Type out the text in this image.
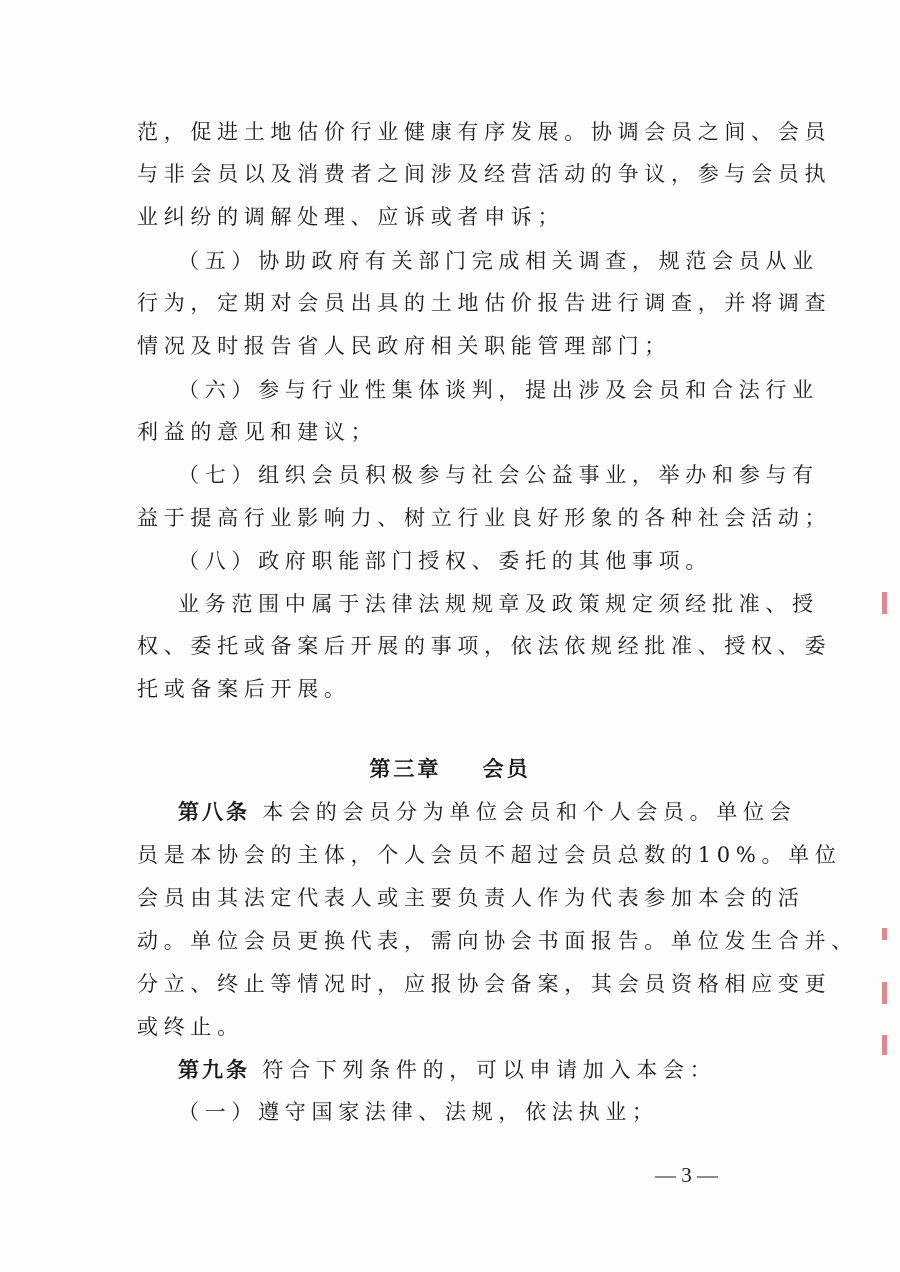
范，促进土地估价行业健康有序发展。协调会员之间、会员
与非会员以及消费者之间涉及经营活动的争议，参与会员执
业纠纷的调解处理、应诉或者申诉；
（五）协助政府有关部门完成相关调查，规范会员从业
行为，定期对会员出具的土地估价报告进行调查，并将调查
情况及时报告省人民政府相关职能管理部门；
（六）参与行业性集体谈判，提出涉及会员和合法行业
利益的意见和建议；
（七）组织会员积极参与社会公益事业，举办和参与有
益于提高行业影响力、树立行业良好形象的各种社会活动；
（八）政府职能部门授权、委托的其他事项。
业务范围中属于法律法规规章及政策规定须经批准、授
权、委托或备案后开展的事项，依法依规经批准、授权、委
托或备案后开展。
第三章    会员
第八条 本会的会员分为单位会员和个人会员。单位会
员是本协会的主体，个人会员不超过会员总数的10%。单位
会员由其法定代表人或主要负责人作为代表参加本会的活
动。单位会员更换代表，需向协会书面报告。单位发生合并、
分立、终止等情况时，应报协会备案，其会员资格相应变更
或终止。
第九条 符合下列条件的，可以申请加入本会：
（一）遵守国家法律、法规，依法执业；
— 3 —
